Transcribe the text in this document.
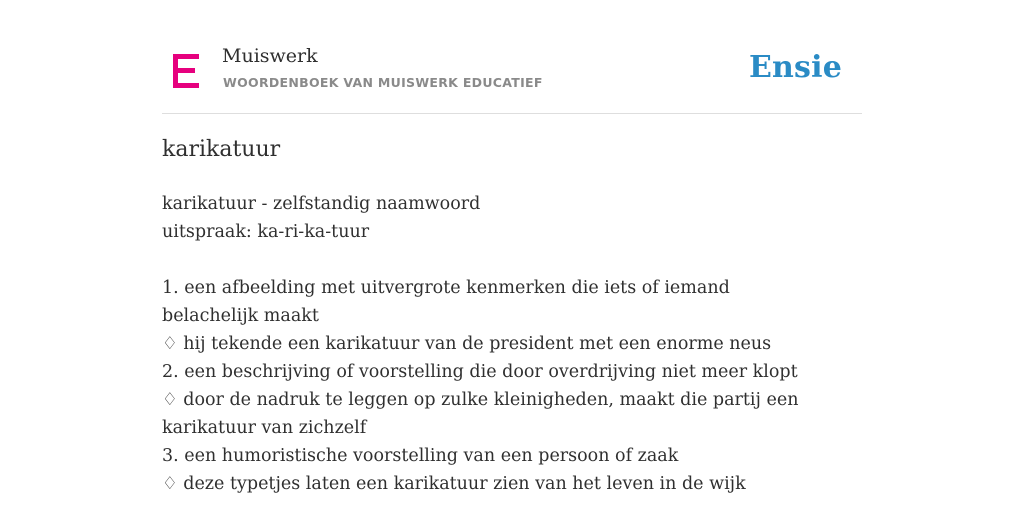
Muiswerk
WOORDENBOEK VAN MUISWERK EDUCATIEF	Ensie
karikatuur
karikatuur - zelfstandig naamwoord
uitspraak: ka-ri-ka-tuur
1. een afbeelding met uitvergrote kenmerken die iets of iemand belachelijk maakt
♢ hij tekende een karikatuur van de president met een enorme neus
2. een beschrijving of voorstelling die door overdrijving niet meer klopt
♢ door de nadruk te leggen op zulke kleinigheden, maakt die partij een karikatuur van zichzelf
3. een humoristische voorstelling van een persoon of zaak
♢ deze typetjes laten een karikatuur zien van het leven in de wijk
